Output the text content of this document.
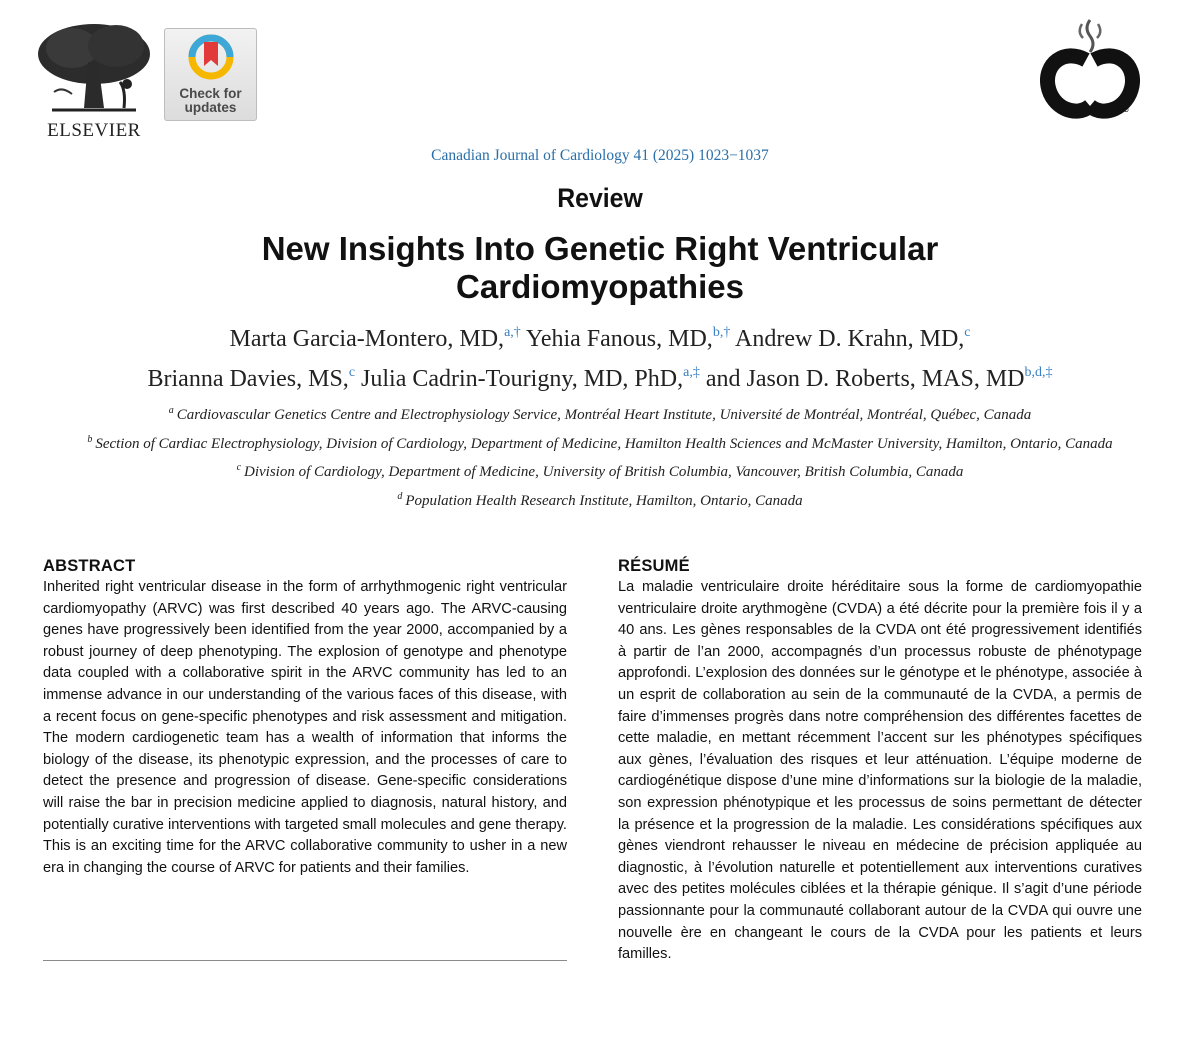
ELSEVIER
Check for
updates	®MD
Canadian Journal of Cardiology 41 (2025) 1023−1037
Review
New Insights Into Genetic Right Ventricular
Cardiomyopathies
Marta Garcia-Montero, MD,$^{a,\dagger}$ Yehia Fanous, MD,$^{b,\dagger}$ Andrew D. Krahn, MD,$^c$
Brianna Davies, MS,$^c$ Julia Cadrin-Tourigny, MD, PhD,$^{a,\ddagger}$ and Jason D. Roberts, MAS, MD$^{b,d,\ddagger}$
$^a$ Cardiovascular Genetics Centre and Electrophysiology Service, Montréal Heart Institute, Université de Montréal, Montréal, Québec, Canada
$^b$ Section of Cardiac Electrophysiology, Division of Cardiology, Department of Medicine, Hamilton Health Sciences and McMaster University, Hamilton, Ontario, Canada
$^c$ Division of Cardiology, Department of Medicine, University of British Columbia, Vancouver, British Columbia, Canada
$^d$ Population Health Research Institute, Hamilton, Ontario, Canada
ABSTRACT

Inherited right ventricular disease in the form of arrhythmogenic right ventricular cardiomyopathy (ARVC) was first described 40 years ago. The ARVC-causing genes have progressively been identified from the year 2000, accompanied by a robust journey of deep phenotyping. The explosion of genotype and phenotype data coupled with a collaborative spirit in the ARVC community has led to an immense advance in our understanding of the various faces of this disease, with a recent focus on gene-specific phenotypes and risk assessment and mitigation. The modern cardiogenetic team has a wealth of information that informs the biology of the disease, its phenotypic expression, and the processes of care to detect the presence and progression of disease. Gene-specific considerations will raise the bar in precision medicine applied to diagnosis, natural history, and potentially curative interventions with targeted small molecules and gene therapy. This is an exciting time for the ARVC collaborative community to usher in a new era in changing the course of ARVC for patients and their families.

RÉSUMÉ

La maladie ventriculaire droite héréditaire sous la forme de cardiomyopathie ventriculaire droite arythmogène (CVDA) a été décrite pour la première fois il y a 40 ans. Les gènes responsables de la CVDA ont été progressivement identifiés à partir de l’an 2000, accompagnés d’un processus robuste de phénotypage approfondi. L’explosion des données sur le génotype et le phénotype, associée à un esprit de collaboration au sein de la communauté de la CVDA, a permis de faire d’immenses progrès dans notre compréhension des différentes facettes de cette maladie, en mettant récemment l’accent sur les phénotypes spécifiques aux gènes, l’évaluation des risques et leur atténuation. L’équipe moderne de cardiogénétique dispose d’une mine d’informations sur la biologie de la maladie, son expression phénotypique et les processus de soins permettant de détecter la présence et la progression de la maladie. Les considérations spécifiques aux gènes viendront rehausser le niveau en médecine de précision appliquée au diagnostic, à l’évolution naturelle et potentiellement aux interventions curatives avec des petites molécules ciblées et la thérapie génique. Il s’agit d’une période passionnante pour la communauté collaborant autour de la CVDA qui ouvre une nouvelle ère en changeant le cours de la CVDA pour les patients et leurs familles.
